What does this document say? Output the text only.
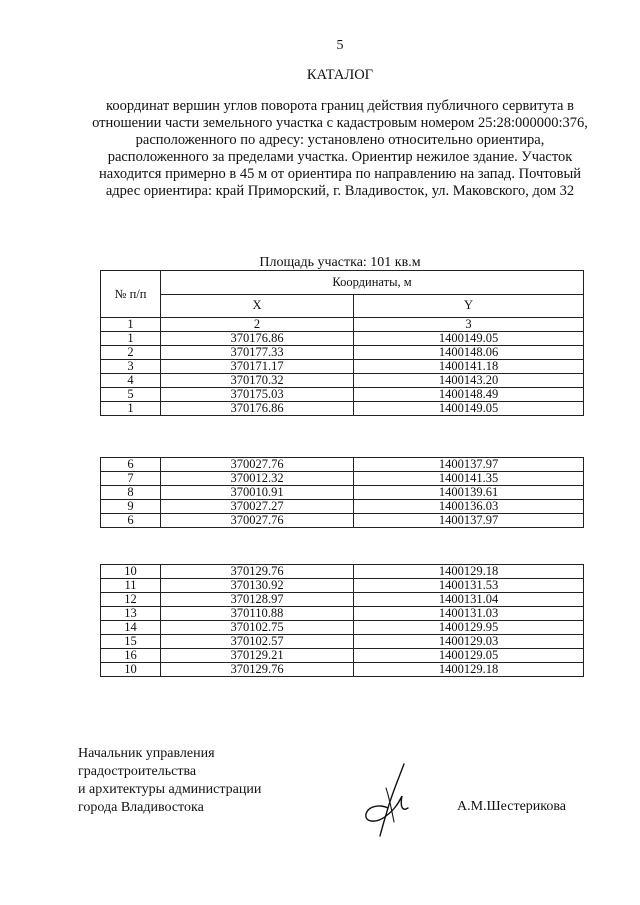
5
КАТАЛОГ
координат вершин углов поворота границ действия публичного сервитута в
отношении части земельного участка с кадастровым номером 25:28:000000:376,
расположенного по адресу: установлено относительно ориентира,
расположенного за пределами участка. Ориентир нежилое здание. Участок
находится примерно в 45 м от ориентира по направлению на запад. Почтовый
адрес ориентира: край Приморский, г. Владивосток, ул. Маковского, дом 32
Площадь участка: 101 кв.м
№ п/п	Координаты, м	
	X	Y
1	2	3
1	370176.86	1400149.05
2	370177.33	1400148.06
3	370171.17	1400141.18
4	370170.32	1400143.20
5	370175.03	1400148.49
1	370176.86	1400149.05
6	370027.76	1400137.97
7	370012.32	1400141.35
8	370010.91	1400139.61
9	370027.27	1400136.03
6	370027.76	1400137.97
10	370129.76	1400129.18
11	370130.92	1400131.53
12	370128.97	1400131.04
13	370110.88	1400131.03
14	370102.75	1400129.95
15	370102.57	1400129.03
16	370129.21	1400129.05
10	370129.76	1400129.18
Начальник управления
градостроительства
и архитектуры администрации
города Владивостока	А.М.Шестерикова
